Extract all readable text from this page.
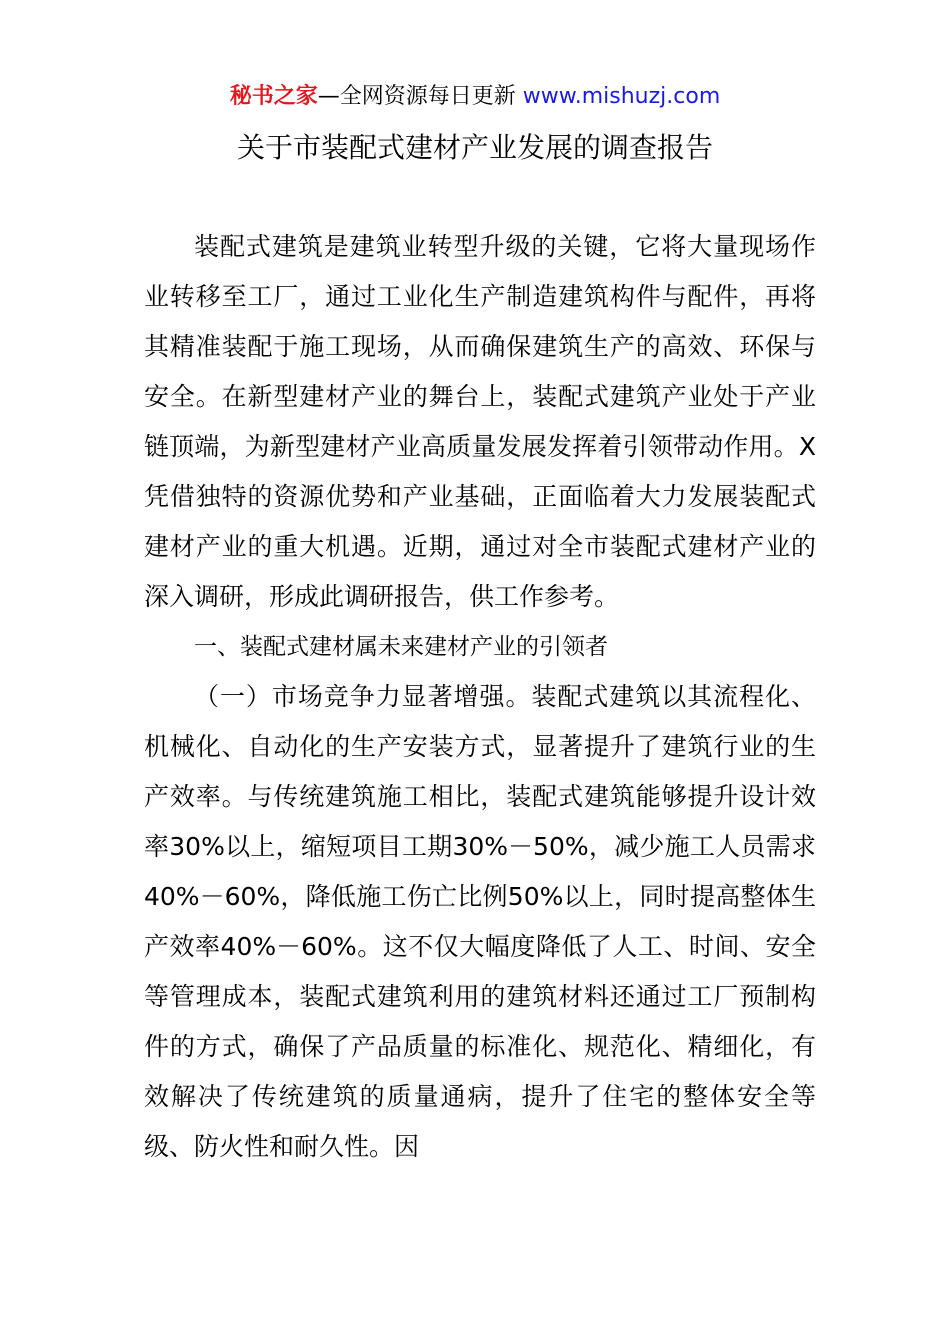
秘书之家—全网资源每日更新 www.mishuzj.com
关于市装配式建材产业发展的调查报告

装配式建筑是建筑业转型升级的关键，它将大量现场作业转移至工厂，通过工业化生产制造建筑构件与配件，再将其精准装配于施工现场，从而确保建筑生产的高效、环保与安全。在新型建材产业的舞台上，装配式建筑产业处于产业链顶端，为新型建材产业高质量发展发挥着引领带动作用。X凭借独特的资源优势和产业基础，正面临着大力发展装配式建材产业的重大机遇。近期，通过对全市装配式建材产业的深入调研，形成此调研报告，供工作参考。

一、装配式建材属未来建材产业的引领者

（一）市场竞争力显著增强。装配式建筑以其流程化、机械化、自动化的生产安装方式，显著提升了建筑行业的生产效率。与传统建筑施工相比，装配式建筑能够提升设计效率30%以上，缩短项目工期30%－50%，减少施工人员需求40%－60%，降低施工伤亡比例50%以上，同时提高整体生产效率40%－60%。这不仅大幅度降低了人工、时间、安全等管理成本，装配式建筑利用的建筑材料还通过工厂预制构件的方式，确保了产品质量的标准化、规范化、精细化，有效解决了传统建筑的质量通病，提升了住宅的整体安全等级、防火性和耐久性。因
